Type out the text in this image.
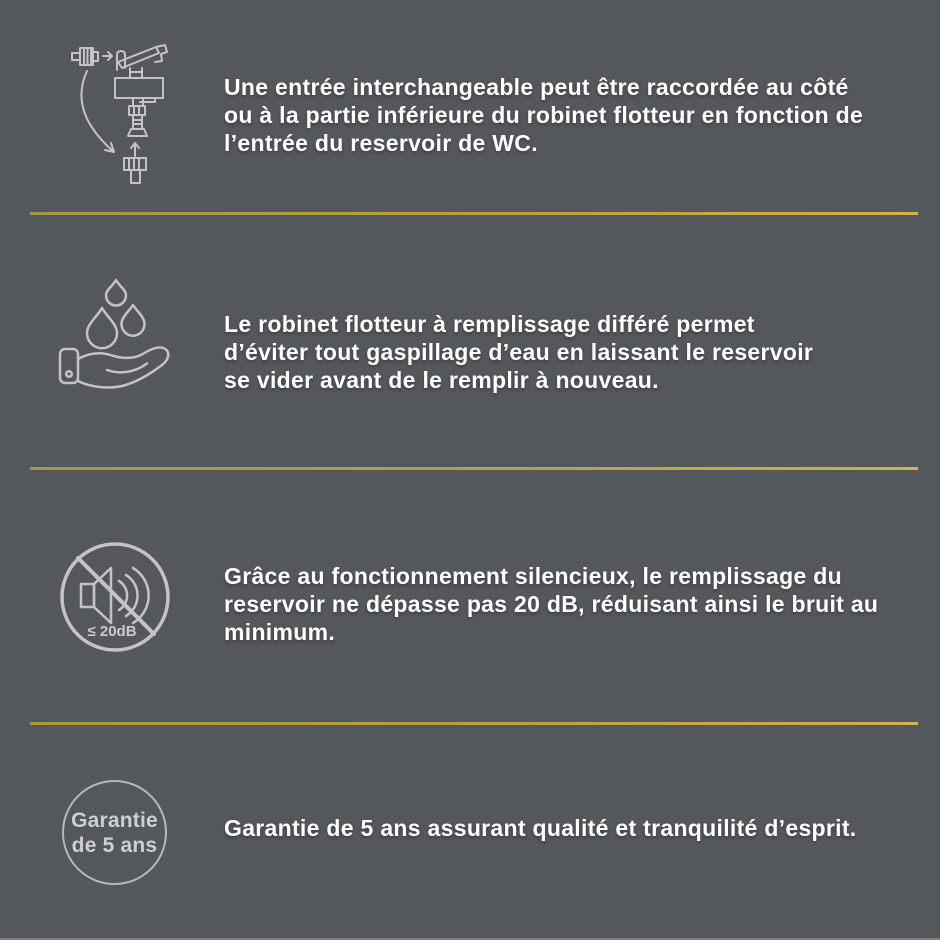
Une entrée interchangeable peut être raccordée au côté
ou à la partie inférieure du robinet flotteur en fonction de
l’entrée du reservoir de WC.
Le robinet flotteur à remplissage différé permet
d’éviter tout gaspillage d’eau en laissant le reservoir
se vider avant de le remplir à nouveau.
≤ 20dB
Grâce au fonctionnement silencieux, le remplissage du
reservoir ne dépasse pas 20 dB, réduisant ainsi le bruit au
minimum.
Garantie
de 5 ans
Garantie de 5 ans assurant qualité et tranquilité d’esprit.
